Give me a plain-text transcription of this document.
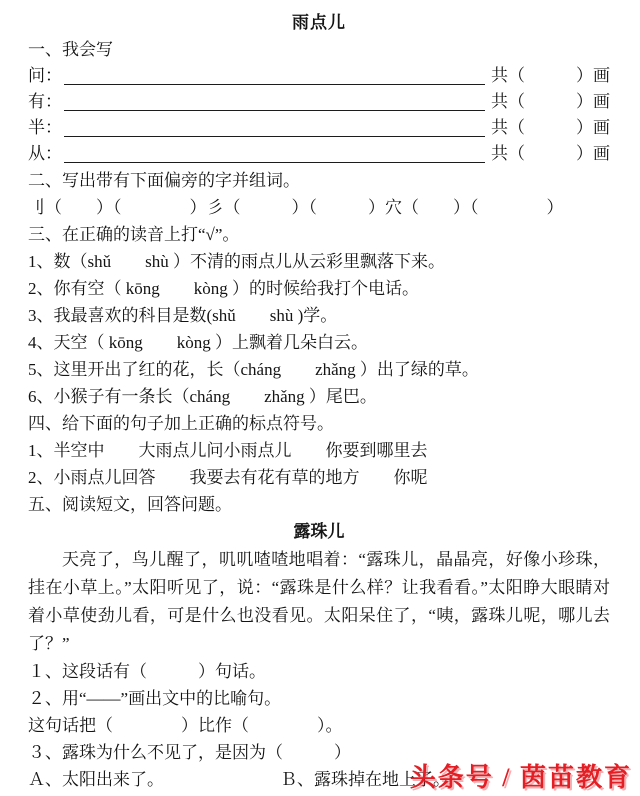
雨点儿
一、我会写
问：	共（　　　）画
有：	共（　　　）画
半：	共（　　　）画
从：	共（　　　）画
二、写出带有下面偏旁的字并组词。
刂（　　）（　　　　）彡（　　　）（　　　）穴（　　）（　　　　）
三、在正确的读音上打“√”。
1、数（shǔ　　shù ）不清的雨点儿从云彩里飘落下来。
2、你有空（ kōng　　kòng ）的时候给我打个电话。
3、我最喜欢的科目是数(shǔ　　shù )学。
4、天空（ kōng　　kòng ）上飘着几朵白云。
5、这里开出了红的花，长（cháng　　zhǎng ）出了绿的草。
6、小猴子有一条长（cháng　　zhǎng ）尾巴。
四、给下面的句子加上正确的标点符号。
1、半空中　　大雨点儿问小雨点儿　　你要到哪里去
2、小雨点儿回答　　我要去有花有草的地方　　你呢
五、阅读短文，回答问题。
露珠儿

天亮了，鸟儿醒了，叽叽喳喳地唱着：“露珠儿，晶晶亮，好像小珍珠，挂在小草上。”太阳听见了，说：“露珠是什么样？让我看看。”太阳睁大眼睛对着小草使劲儿看，可是什么也没看见。太阳呆住了，“咦，露珠儿呢，哪儿去了？”

１、这段话有（　　　）句话。
２、用“——”画出文中的比喻句。
这句话把（　　　　）比作（　　　　）。
３、露珠为什么不见了，是因为（　　　）
Ａ、太阳出来了。	Ｂ、露珠掉在地上了。
头条号 / 茵苗教育
